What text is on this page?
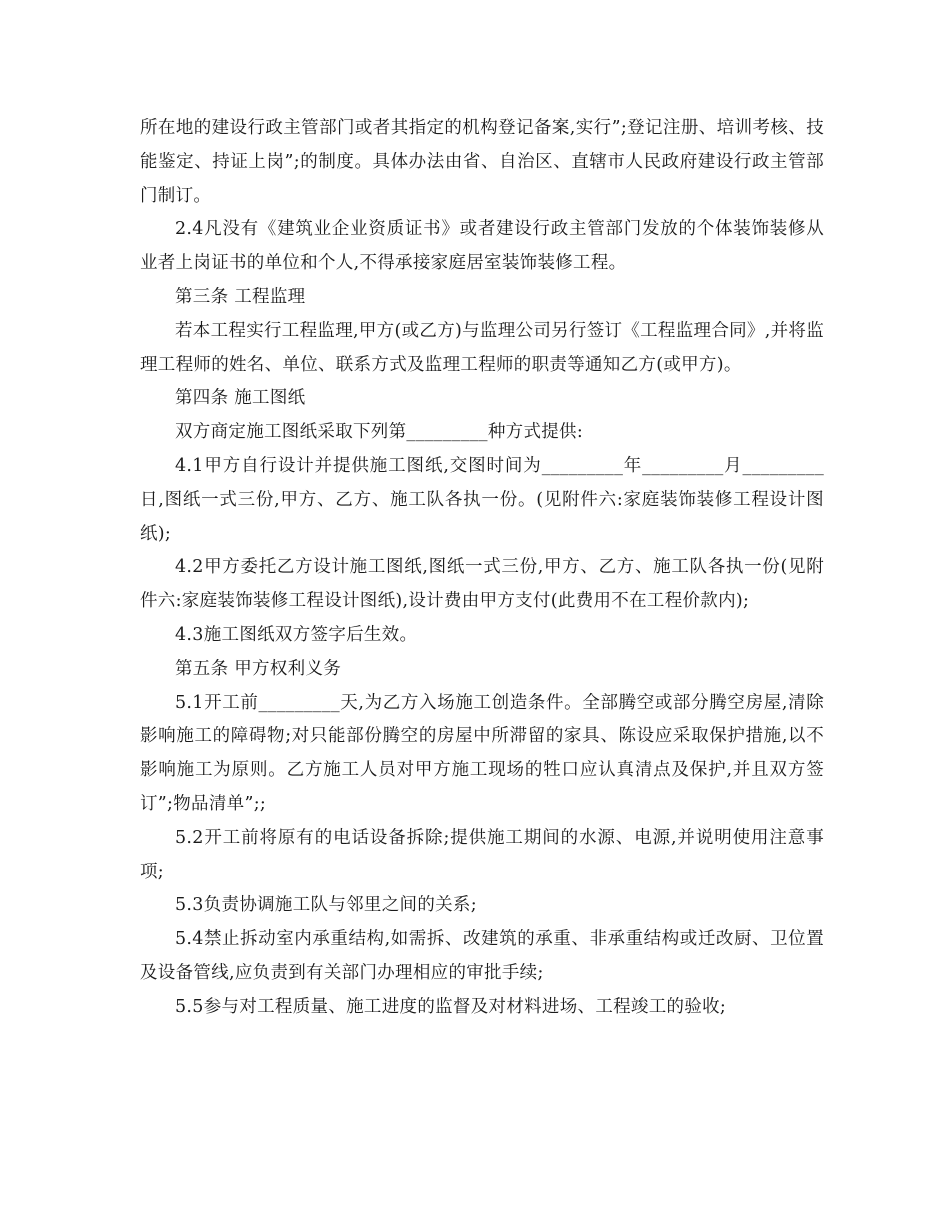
所在地的建设行政主管部门或者其指定的机构登记备案,实行”;登记注册、培训考核、技能鉴定、持证上岗”;的制度。具体办法由省、自治区、直辖市人民政府建设行政主管部门制订。

2.4凡没有《建筑业企业资质证书》或者建设行政主管部门发放的个体装饰装修从业者上岗证书的单位和个人,不得承接家庭居室装饰装修工程。

第三条 工程监理

若本工程实行工程监理,甲方(或乙方)与监理公司另行签订《工程监理合同》,并将监理工程师的姓名、单位、联系方式及监理工程师的职责等通知乙方(或甲方)。

第四条 施工图纸

双方商定施工图纸采取下列第_________种方式提供:

4.1甲方自行设计并提供施工图纸,交图时间为_________年_________月_________日,图纸一式三份,甲方、乙方、施工队各执一份。(见附件六:家庭装饰装修工程设计图纸);

4.2甲方委托乙方设计施工图纸,图纸一式三份,甲方、乙方、施工队各执一份(见附件六:家庭装饰装修工程设计图纸),设计费由甲方支付(此费用不在工程价款内);

4.3施工图纸双方签字后生效。

第五条 甲方权利义务

5.1开工前_________天,为乙方入场施工创造条件。全部腾空或部分腾空房屋,清除影响施工的障碍物;对只能部份腾空的房屋中所滞留的家具、陈设应采取保护措施,以不影响施工为原则。乙方施工人员对甲方施工现场的牲口应认真清点及保护,并且双方签订”;物品清单”;;

5.2开工前将原有的电话设备拆除;提供施工期间的水源、电源,并说明使用注意事项;

5.3负责协调施工队与邻里之间的关系;

5.4禁止拆动室内承重结构,如需拆、改建筑的承重、非承重结构或迁改厨、卫位置及设备管线,应负责到有关部门办理相应的审批手续;

5.5参与对工程质量、施工进度的监督及对材料进场、工程竣工的验收;
